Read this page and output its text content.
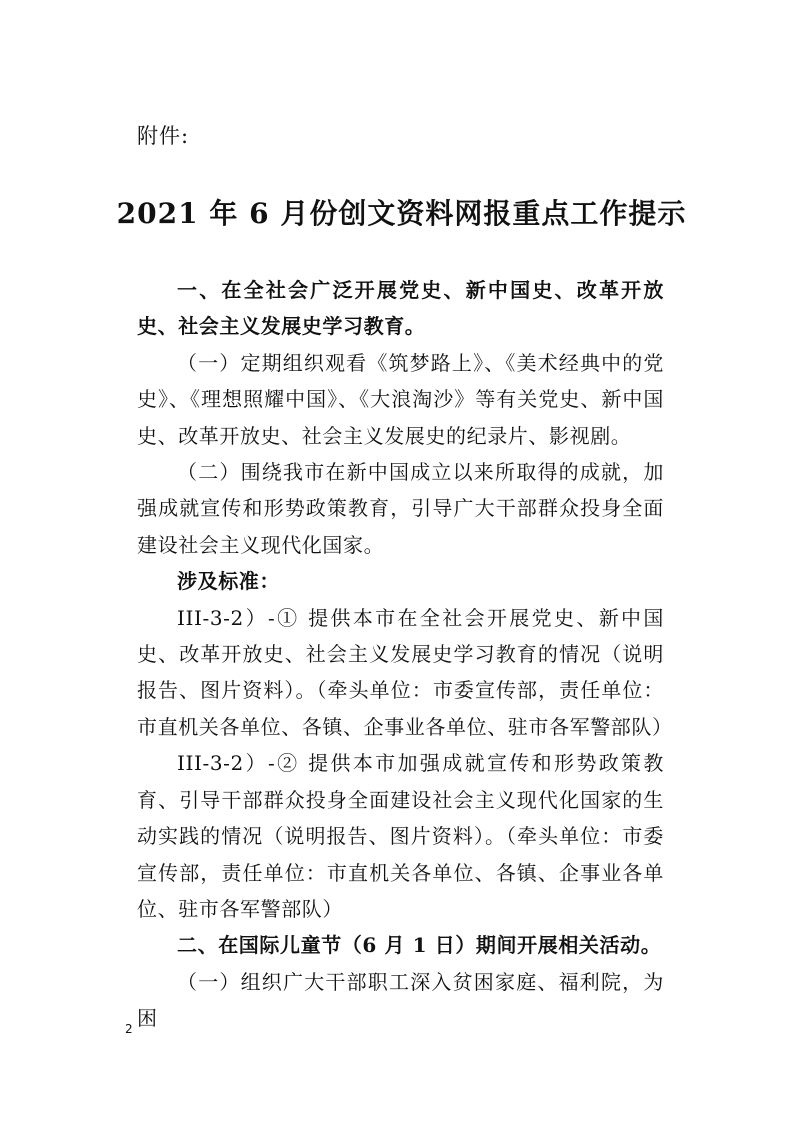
附件:
2021 年 6 月份创文资料网报重点工作提示

一、在全社会广泛开展党史、新中国史、改革开放史、社会主义发展史学习教育。

（一）定期组织观看《筑梦路上》、《美术经典中的党史》、《理想照耀中国》、《大浪淘沙》等有关党史、新中国史、改革开放史、社会主义发展史的纪录片、影视剧。

（二）围绕我市在新中国成立以来所取得的成就，加强成就宣传和形势政策教育，引导广大干部群众投身全面建设社会主义现代化国家。

涉及标准：

III-3-2）-① 提供本市在全社会开展党史、新中国史、改革开放史、社会主义发展史学习教育的情况（说明报告、图片资料）。（牵头单位：市委宣传部，责任单位：市直机关各单位、各镇、企事业各单位、驻市各军警部队）

III-3-2）-② 提供本市加强成就宣传和形势政策教育、引导干部群众投身全面建设社会主义现代化国家的生动实践的情况（说明报告、图片资料）。（牵头单位：市委宣传部，责任单位：市直机关各单位、各镇、企事业各单位、驻市各军警部队）

二、在国际儿童节（6 月 1 日）期间开展相关活动。

（一）组织广大干部职工深入贫困家庭、福利院，为困

2
